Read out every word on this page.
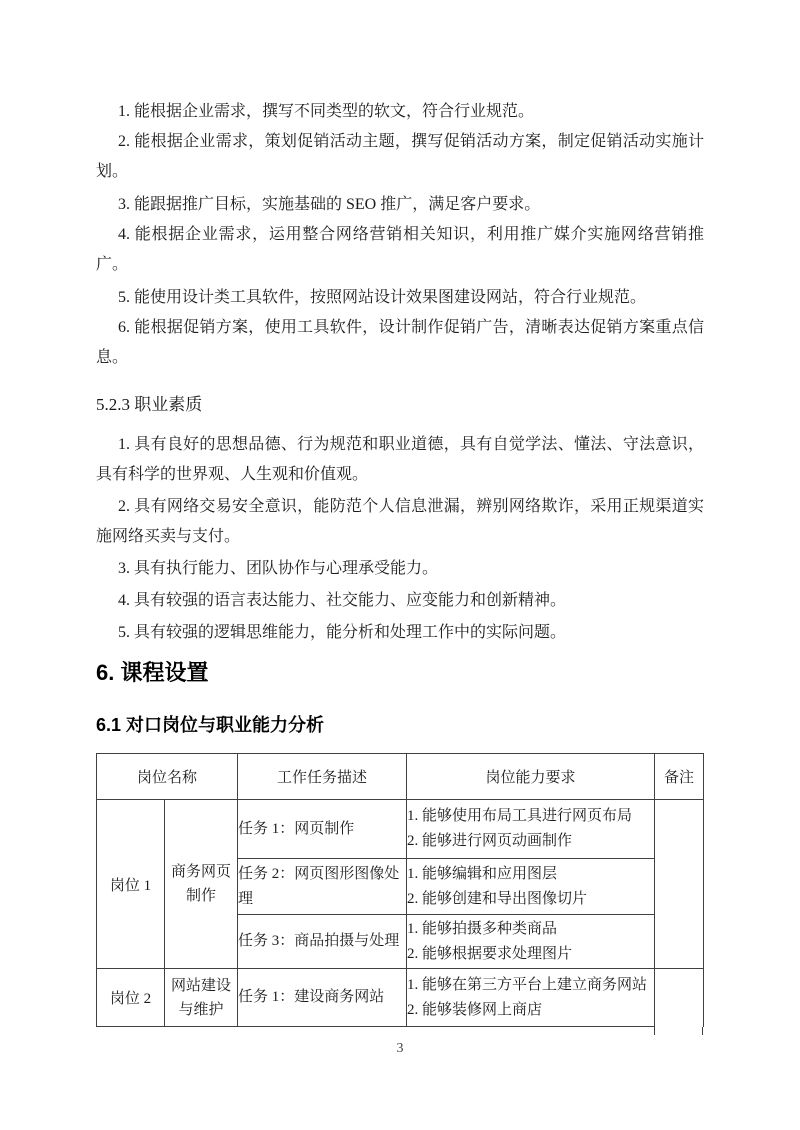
1. 能根据企业需求，撰写不同类型的软文，符合行业规范。
2. 能根据企业需求，策划促销活动主题，撰写促销活动方案，制定促销活动实施计
划。
3. 能跟据推广目标，实施基础的 SEO 推广，满足客户要求。
4. 能根据企业需求，运用整合网络营销相关知识，利用推广媒介实施网络营销推
广。
5. 能使用设计类工具软件，按照网站设计效果图建设网站，符合行业规范。
6. 能根据促销方案，使用工具软件，设计制作促销广告，清晰表达促销方案重点信
息。
5.2.3 职业素质
1. 具有良好的思想品德、行为规范和职业道德，具有自觉学法、懂法、守法意识，
具有科学的世界观、人生观和价值观。
2. 具有网络交易安全意识，能防范个人信息泄漏，辨别网络欺诈，采用正规渠道实
施网络买卖与支付。
3. 具有执行能力、团队协作与心理承受能力。
4. 具有较强的语言表达能力、社交能力、应变能力和创新精神。
5. 具有较强的逻辑思维能力，能分析和处理工作中的实际问题。
6. 课程设置
6.1 对口岗位与职业能力分析
岗位名称		工作任务描述	岗位能力要求	备注
岗位 1	商务网页制作	任务 1：网页制作	1. 能够使用布局工具进行网页布局
2. 能够进行网页动画制作	

		任务 2：网页图形图像处理	1. 能够编辑和应用图层
2. 能够创建和导出图像切片	

		任务 3：商品拍摄与处理	1. 能够拍摄多种类商品
2. 能够根据要求处理图片	

岗位 2	网站建设与维护	任务 1：建设商务网站	1. 能够在第三方平台上建立商务网站
2. 能够装修网上商店	

3
